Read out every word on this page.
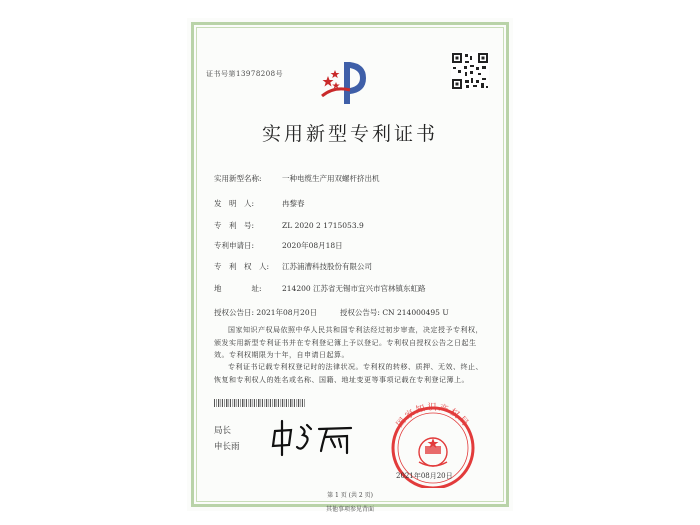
证书号第13978208号
实用新型专利证书
实用新型名称:	一种电缆生产用双螺杆挤出机
发　明　人:	冉黎春
专　利　号:	ZL 2020 2 1715053.9
专利申请日:	2020年08月18日
专　利　权　人: 江苏浦漕科技股份有限公司
地　　　　址:	214200 江苏省无锡市宜兴市官林镇东虹路
授权公告日: 2021年08月20日	授权公告号: CN 214000495 U
国家知识产权局依照中华人民共和国专利法经过初步审查，决定授予专利权，颁发实用新型专利证书并在专利登记簿上予以登记。专利权自授权公告之日起生效。专利权期限为十年，自申请日起算。
专利证书记载专利权登记时的法律状况。专利权的转移、质押、无效、终止、恢复和专利权人的姓名或名称、国籍、地址变更等事项记载在专利登记簿上。
局长
申长雨
国家知识产权局
2021年08月20日
第 1 页 (共 2 页)
其他事项参见背面
